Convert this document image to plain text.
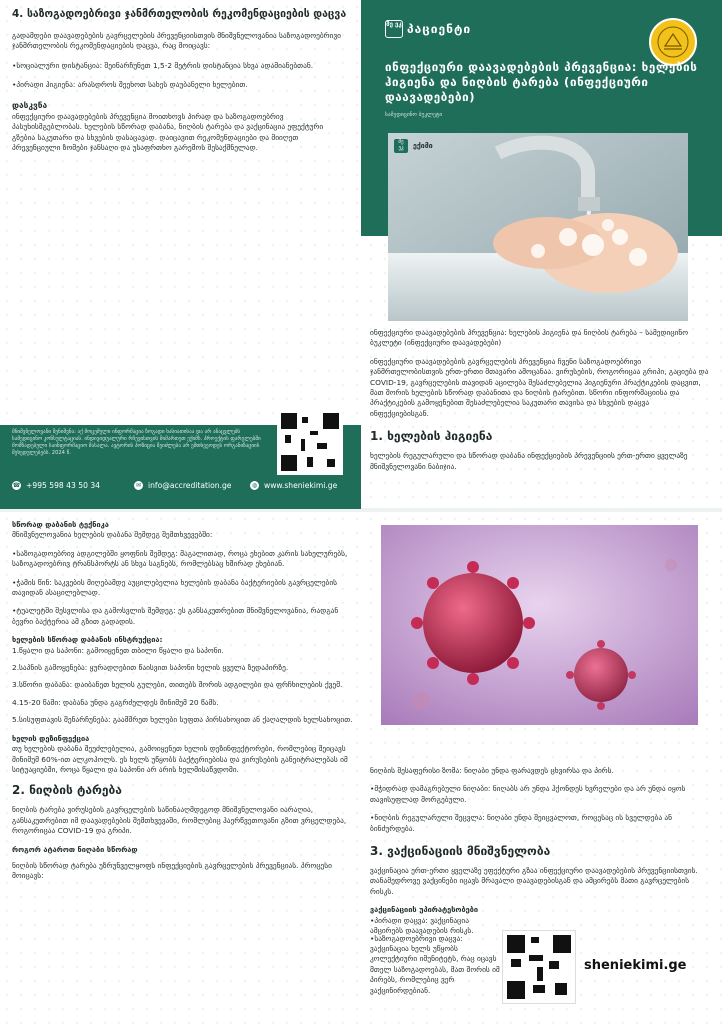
4. საზოგადოებრივი ჯანმრთელობის რეკომენდაციების დაცვა

გადამდები დაავადებების გავრცელების პრევენციისთვის მნიშვნელოვანია საზოგადოებრივი ჯანმრთელობის რეკომენდაციების დაცვა, რაც მოიცავს:

•სოციალური დისტანცია: შეინარჩუნეთ 1,5-2 მეტრის დისტანცია სხვა ადამიანებთან.

•პირადი ჰიგიენა: არასდროს შეეხოთ სახეს დაუბანელი ხელებით.

დასკვნა

ინფექციური დაავადებების პრევენცია მოითხოვს პირად და საზოგადოებრივ პასუხისმგებლობას. ხელების სწორად დაბანა, ნიღბის ტარება და ვაქცინაცია ეფექტური გზებია საკუთარი და სხვების დასაცავად. დაიცავით რეკომენდაციები და მიიღეთ პრევენციული ზომები ჯანსაღი და უსაფრთხო გარემოს შესაქმნელად.

მნიშვნელოვანი შენიშვნა: აქ მოცემული ინფორმაცია ზოგადი ხასიათისაა და არ ანაცვლებს სამედიცინო კონსულტაციას. ინდივიდუალური რჩევისთვის მიმართეთ ექიმს. პროექტის ფარგლებში მომზადებული საინფორმაციო მასალა. ავტორის პოზიცია შეიძლება არ ემთხვეოდეს ორგანიზაციის შეხედულებებს. 2024 წ.

☎ +995 598 43 50 34	✉ info@accreditation.ge	◍ www.sheniekimi.ge
შე ეკ პაციენტი
ინფექციური დაავადებების პრევენცია: ხელების ჰიგიენა და ნიღბის ტარება (ინფექციური დაავადებები)
სამედიცინო ბუკლეტი
შე
ეკ	ექიმი

ინფექციური დაავადებების პრევენცია: ხელების ჰიგიენა და ნიღბის ტარება – სამედიცინო ბუკლეტი (ინფექციური დაავადებები)

ინფექციური დაავადებების გავრცელების პრევენცია ჩვენი საზოგადოებრივი ჯანმრთელობისთვის ერთ-ერთი მთავარი ამოცანაა. ვირუსების, როგორიცაა გრიპი, გაციება და COVID-19, გავრცელების თავიდან აცილება შესაძლებელია ჰიგიენური პრაქტიკების დაცვით, მათ შორის ხელების სწორად დაბანითა და ნიღბის ტარებით. სწორი ინფორმაციისა და პრაქტიკების გამოყენებით შესაძლებელია საკუთარი თავისა და სხვების დაცვა ინფექციებისგან.

1. ხელების ჰიგიენა

ხელების რეგულარული და სწორად დაბანა ინფექციების პრევენციის ერთ-ერთი ყველაზე მნიშვნელოვანი ნაბიჯია.

სწორად დაბანის ტექნიკა

მნიშვნელოვანია ხელების დაბანა შემდეგ შემთხვევებში:

•საზოგადოებრივ ადგილებში ყოფნის შემდეგ: მაგალითად, როცა ეხებით კარის სახელურებს, საზოგადოებრივ ტრანსპორტს ან სხვა საგნებს, რომლებსაც ხშირად ეხებიან.

•ჭამის წინ: საკვების მიღებამდე აუცილებელია ხელების დაბანა ბაქტერიების გავრცელების თავიდან ასაცილებლად.

•ტუალეტში შესვლისა და გამოსვლის შემდეგ: ეს განსაკუთრებით მნიშვნელოვანია, რადგან ბევრი ბაქტერია ამ გზით გადადის.

ხელების სწორად დაბანის ინსტრუქცია:

1.წყალი და საპონი: გამოიყენეთ თბილი წყალი და საპონი.

2.საპნის გამოყენება: ყურადღებით წაისვით საპონი ხელის ყველა ზედაპირზე.

3.სწორი დაბანა: დაიბანეთ ხელის გულები, თითებს შორის ადგილები და ფრჩხილების ქვეშ.

4.15-20 წამი: დაბანა უნდა გაგრძელდეს მინიმუმ 20 წამს.

5.სისუფთავის შენარჩუნება: გაამშრეთ ხელები სუფთა პირსახოცით ან ქაღალდის ხელსახოცით.

ხელის დეზინფექცია

თუ ხელების დაბანა შეუძლებელია, გამოიყენეთ ხელის დეზინფექტორები, რომლებიც შეიცავს მინიმუმ 60%-ით ალკოჰოლს. ეს ხელს უწყობს ბაქტერიებისა და ვირუსების განეიტრალებას იმ სიტუაციებში, როცა წყალი და საპონი არ არის ხელმისაწვდომი.

2. ნიღბის ტარება

ნიღბის ტარება ვირუსების გავრცელების საწინააღმდეგოდ მნიშვნელოვანი იარაღია, განსაკუთრებით იმ დაავადებების შემთხვევაში, რომლებიც ჰაერწვეთოვანი გზით ვრცელდება, როგორიცაა COVID-19 და გრიპი.

როგორ ატაროთ ნიღაბი სწორად

ნიღბის სწორად ტარება უზრუნველყოფს ინფექციების გავრცელების პრევენციას. პროცესი მოიცავს:

ნიღბის შესაფერისი ზომა: ნიღაბი უნდა ფარავდეს ცხვირსა და პირს.

•მჭიდრად დამაგრებული ნიღაბი: ნიღაბს არ უნდა ჰქონდეს ხვრელები და არ უნდა იყოს თავისუფლად მორგებული.

•ნიღბის რეგულარული შეცვლა: ნიღაბი უნდა შეიცვალოთ, როცესაც ის სველდება ან ბინძურდება.

3. ვაქცინაციის მნიშვნელობა

ვაქცინაცია ერთ-ერთი ყველაზე ეფექტური გზაა ინფექციური დაავადებების პრევენციისთვის. თანამედროვე ვაქცინები იცავს მრავალი დაავადებისგან და ამცირებს მათი გავრცელების რისკს.

ვაქცინაციის უპირატესობები

•პირადი დაცვა: ვაქცინაცია ამცირებს დაავადების რისკს.

•საზოგადოებრივი დაცვა: ვაქცინაცია ხელს უწყობს კოლექტიური იმუნიტეტს, რაც იცავს მთელ საზოგადოებას, მათ შორის იმ პირებს, რომლებიც ვერ ვაქცინირდებიან.

sheniekimi.ge
